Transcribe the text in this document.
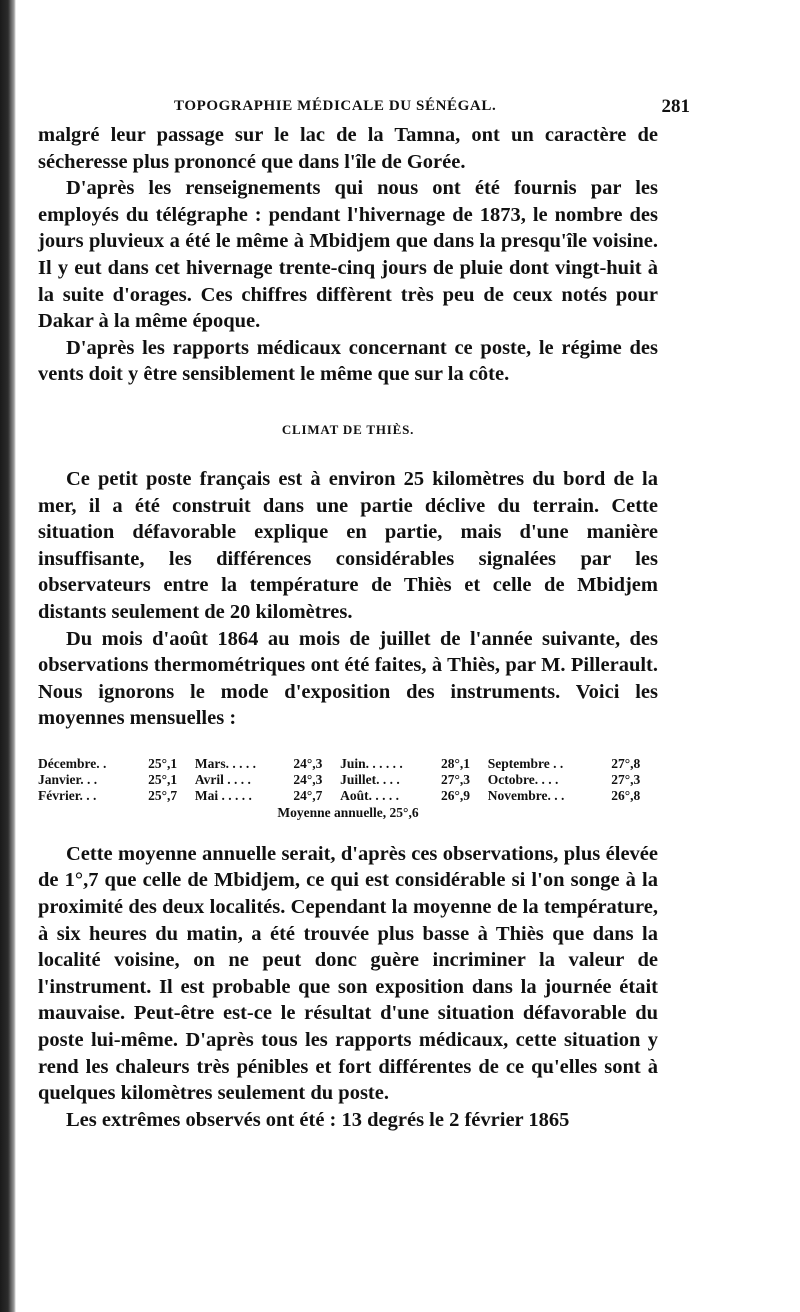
TOPOGRAPHIE MÉDICALE DU SÉNÉGAL.	281

malgré leur passage sur le lac de la Tamna, ont un caractère de sécheresse plus prononcé que dans l'île de Gorée.

D'après les renseignements qui nous ont été fournis par les employés du télégraphe : pendant l'hivernage de 1873, le nombre des jours pluvieux a été le même à Mbidjem que dans la presqu'île voisine. Il y eut dans cet hivernage trente-cinq jours de pluie dont vingt-huit à la suite d'orages. Ces chiffres diffèrent très peu de ceux notés pour Dakar à la même époque.

D'après les rapports médicaux concernant ce poste, le régime des vents doit y être sensiblement le même que sur la côte.

CLIMAT DE THIÈS.

Ce petit poste français est à environ 25 kilomètres du bord de la mer, il a été construit dans une partie déclive du terrain. Cette situation défavorable explique en partie, mais d'une manière insuffisante, les différences considérables signalées par les observateurs entre la température de Thiès et celle de Mbidjem distants seulement de 20 kilomètres.

Du mois d'août 1864 au mois de juillet de l'année suivante, des observations thermométriques ont été faites, à Thiès, par M. Pillerault. Nous ignorons le mode d'exposition des instruments. Voici les moyennes mensuelles :

Décembre. .	25°,1	Mars. . . . .	24°,3	Juin. . . . . .	28°,1	Septembre . .	27°,8
Janvier. . .	25°,1	Avril . . . .	24°,3	Juillet. . . .	27°,3	Octobre. . . .	27°,3
Février. . .	25°,7	Mai . . . . .	24°,7	Août. . . . .	26°,9	Novembre. . .	26°,8
Moyenne annuelle, 25°,6

Cette moyenne annuelle serait, d'après ces observations, plus élevée de 1°,7 que celle de Mbidjem, ce qui est considérable si l'on songe à la proximité des deux localités. Cependant la moyenne de la température, à six heures du matin, a été trouvée plus basse à Thiès que dans la localité voisine, on ne peut donc guère incriminer la valeur de l'instrument. Il est probable que son exposition dans la journée était mauvaise. Peut-être est-ce le résultat d'une situation défavorable du poste lui-même. D'après tous les rapports médicaux, cette situation y rend les chaleurs très pénibles et fort différentes de ce qu'elles sont à quelques kilomètres seulement du poste.

Les extrêmes observés ont été : 13 degrés le 2 février 1865
